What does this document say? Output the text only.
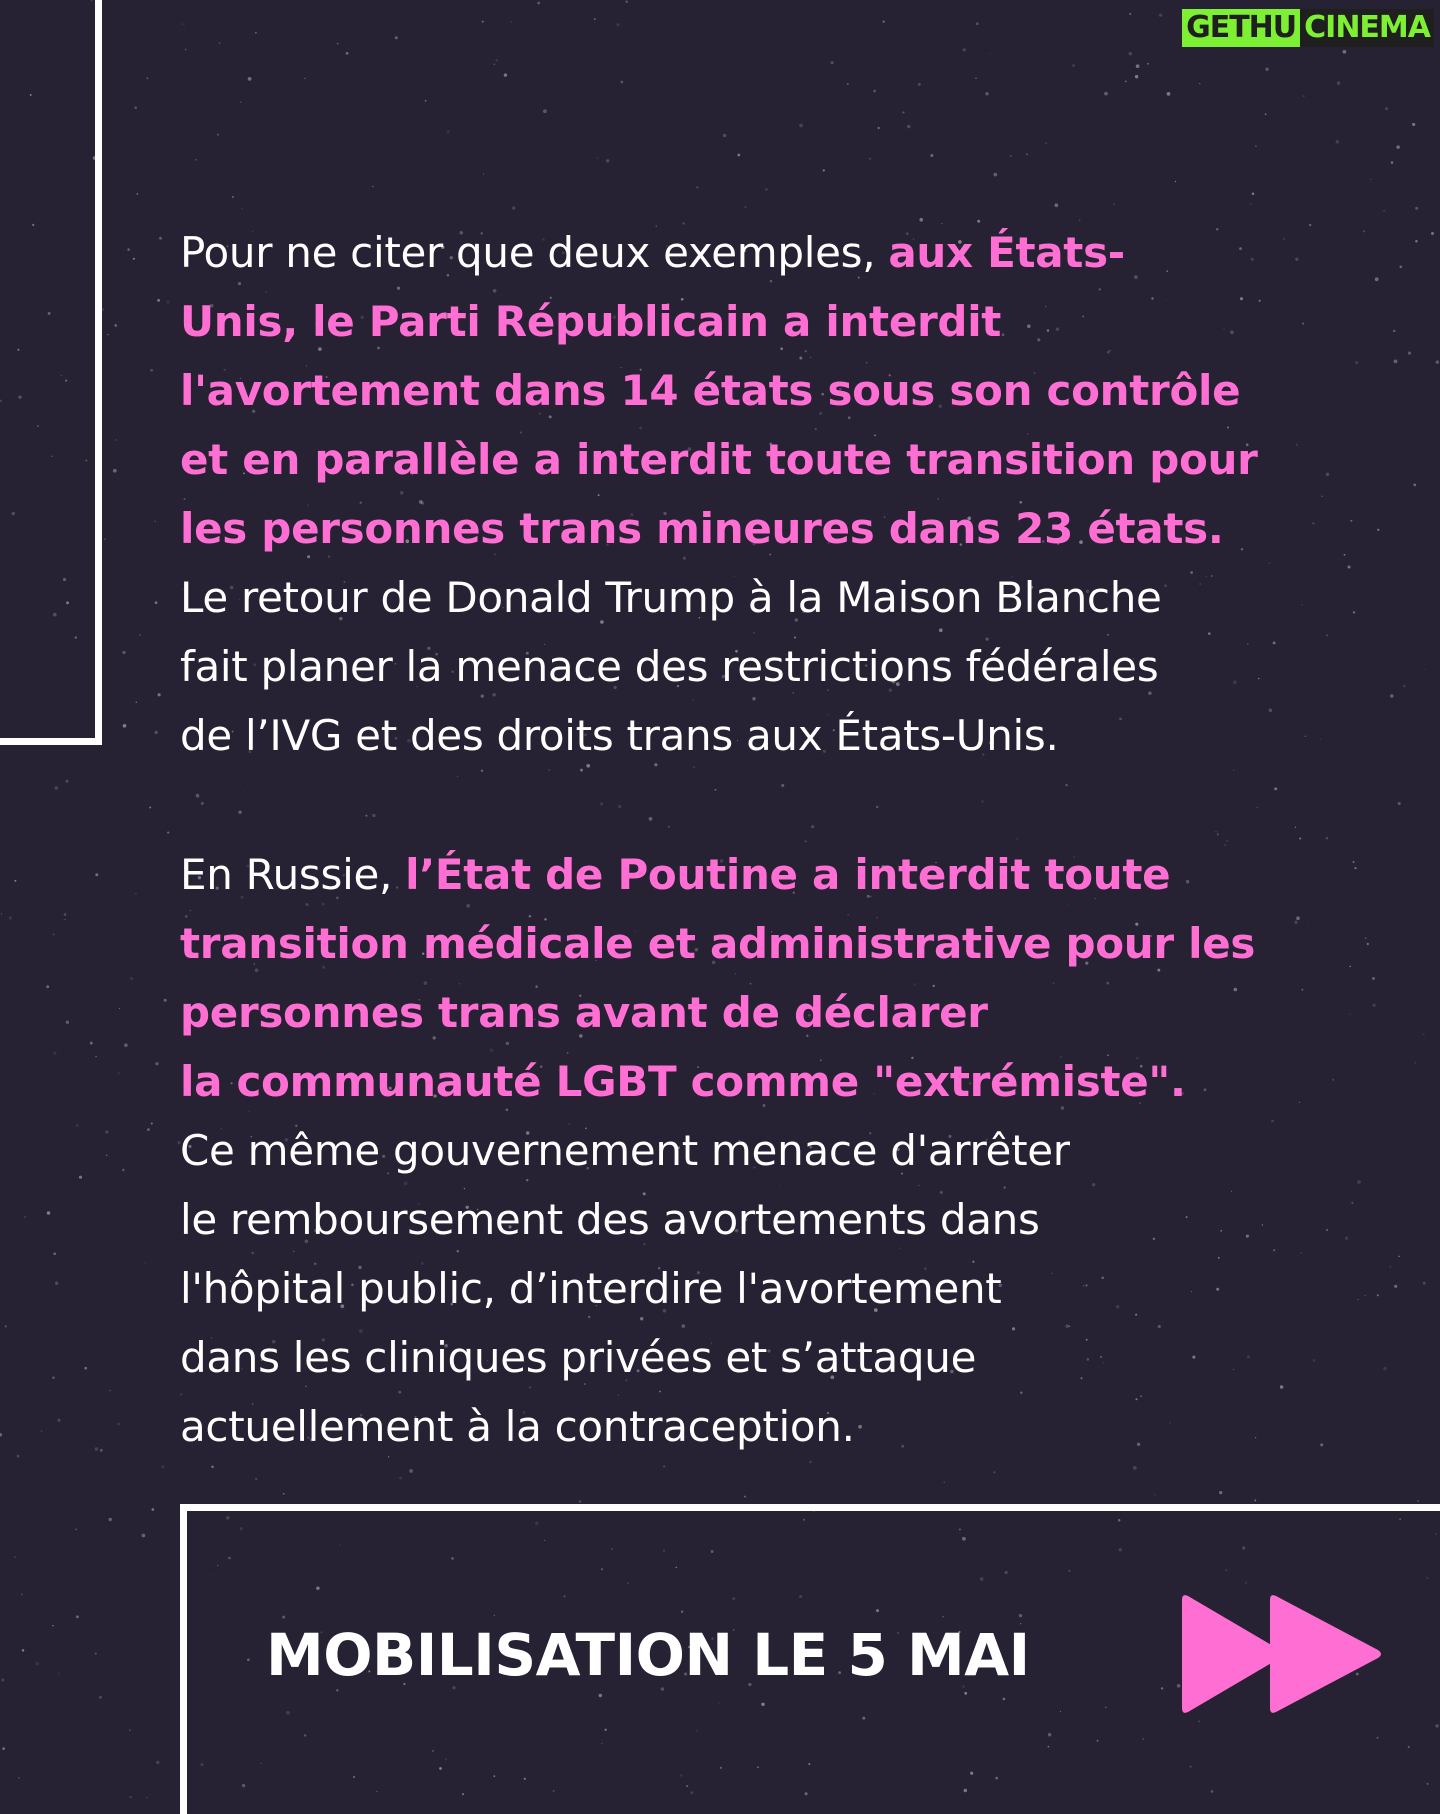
GETHU CINEMA
Pour ne citer que deux exemples, aux États-
Unis, le Parti Républicain a interdit
l'avortement dans 14 états sous son contrôle
et en parallèle a interdit toute transition pour
les personnes trans mineures dans 23 états.
Le retour de Donald Trump à la Maison Blanche
fait planer la menace des restrictions fédérales
de l’IVG et des droits trans aux États-Unis.
En Russie, l’État de Poutine a interdit toute
transition médicale et administrative pour les
personnes trans avant de déclarer
la communauté LGBT comme "extrémiste".
Ce même gouvernement menace d'arrêter
le remboursement des avortements dans
l'hôpital public, d’interdire l'avortement
dans les cliniques privées et s’attaque
actuellement à la contraception.
MOBILISATION LE 5 MAI
